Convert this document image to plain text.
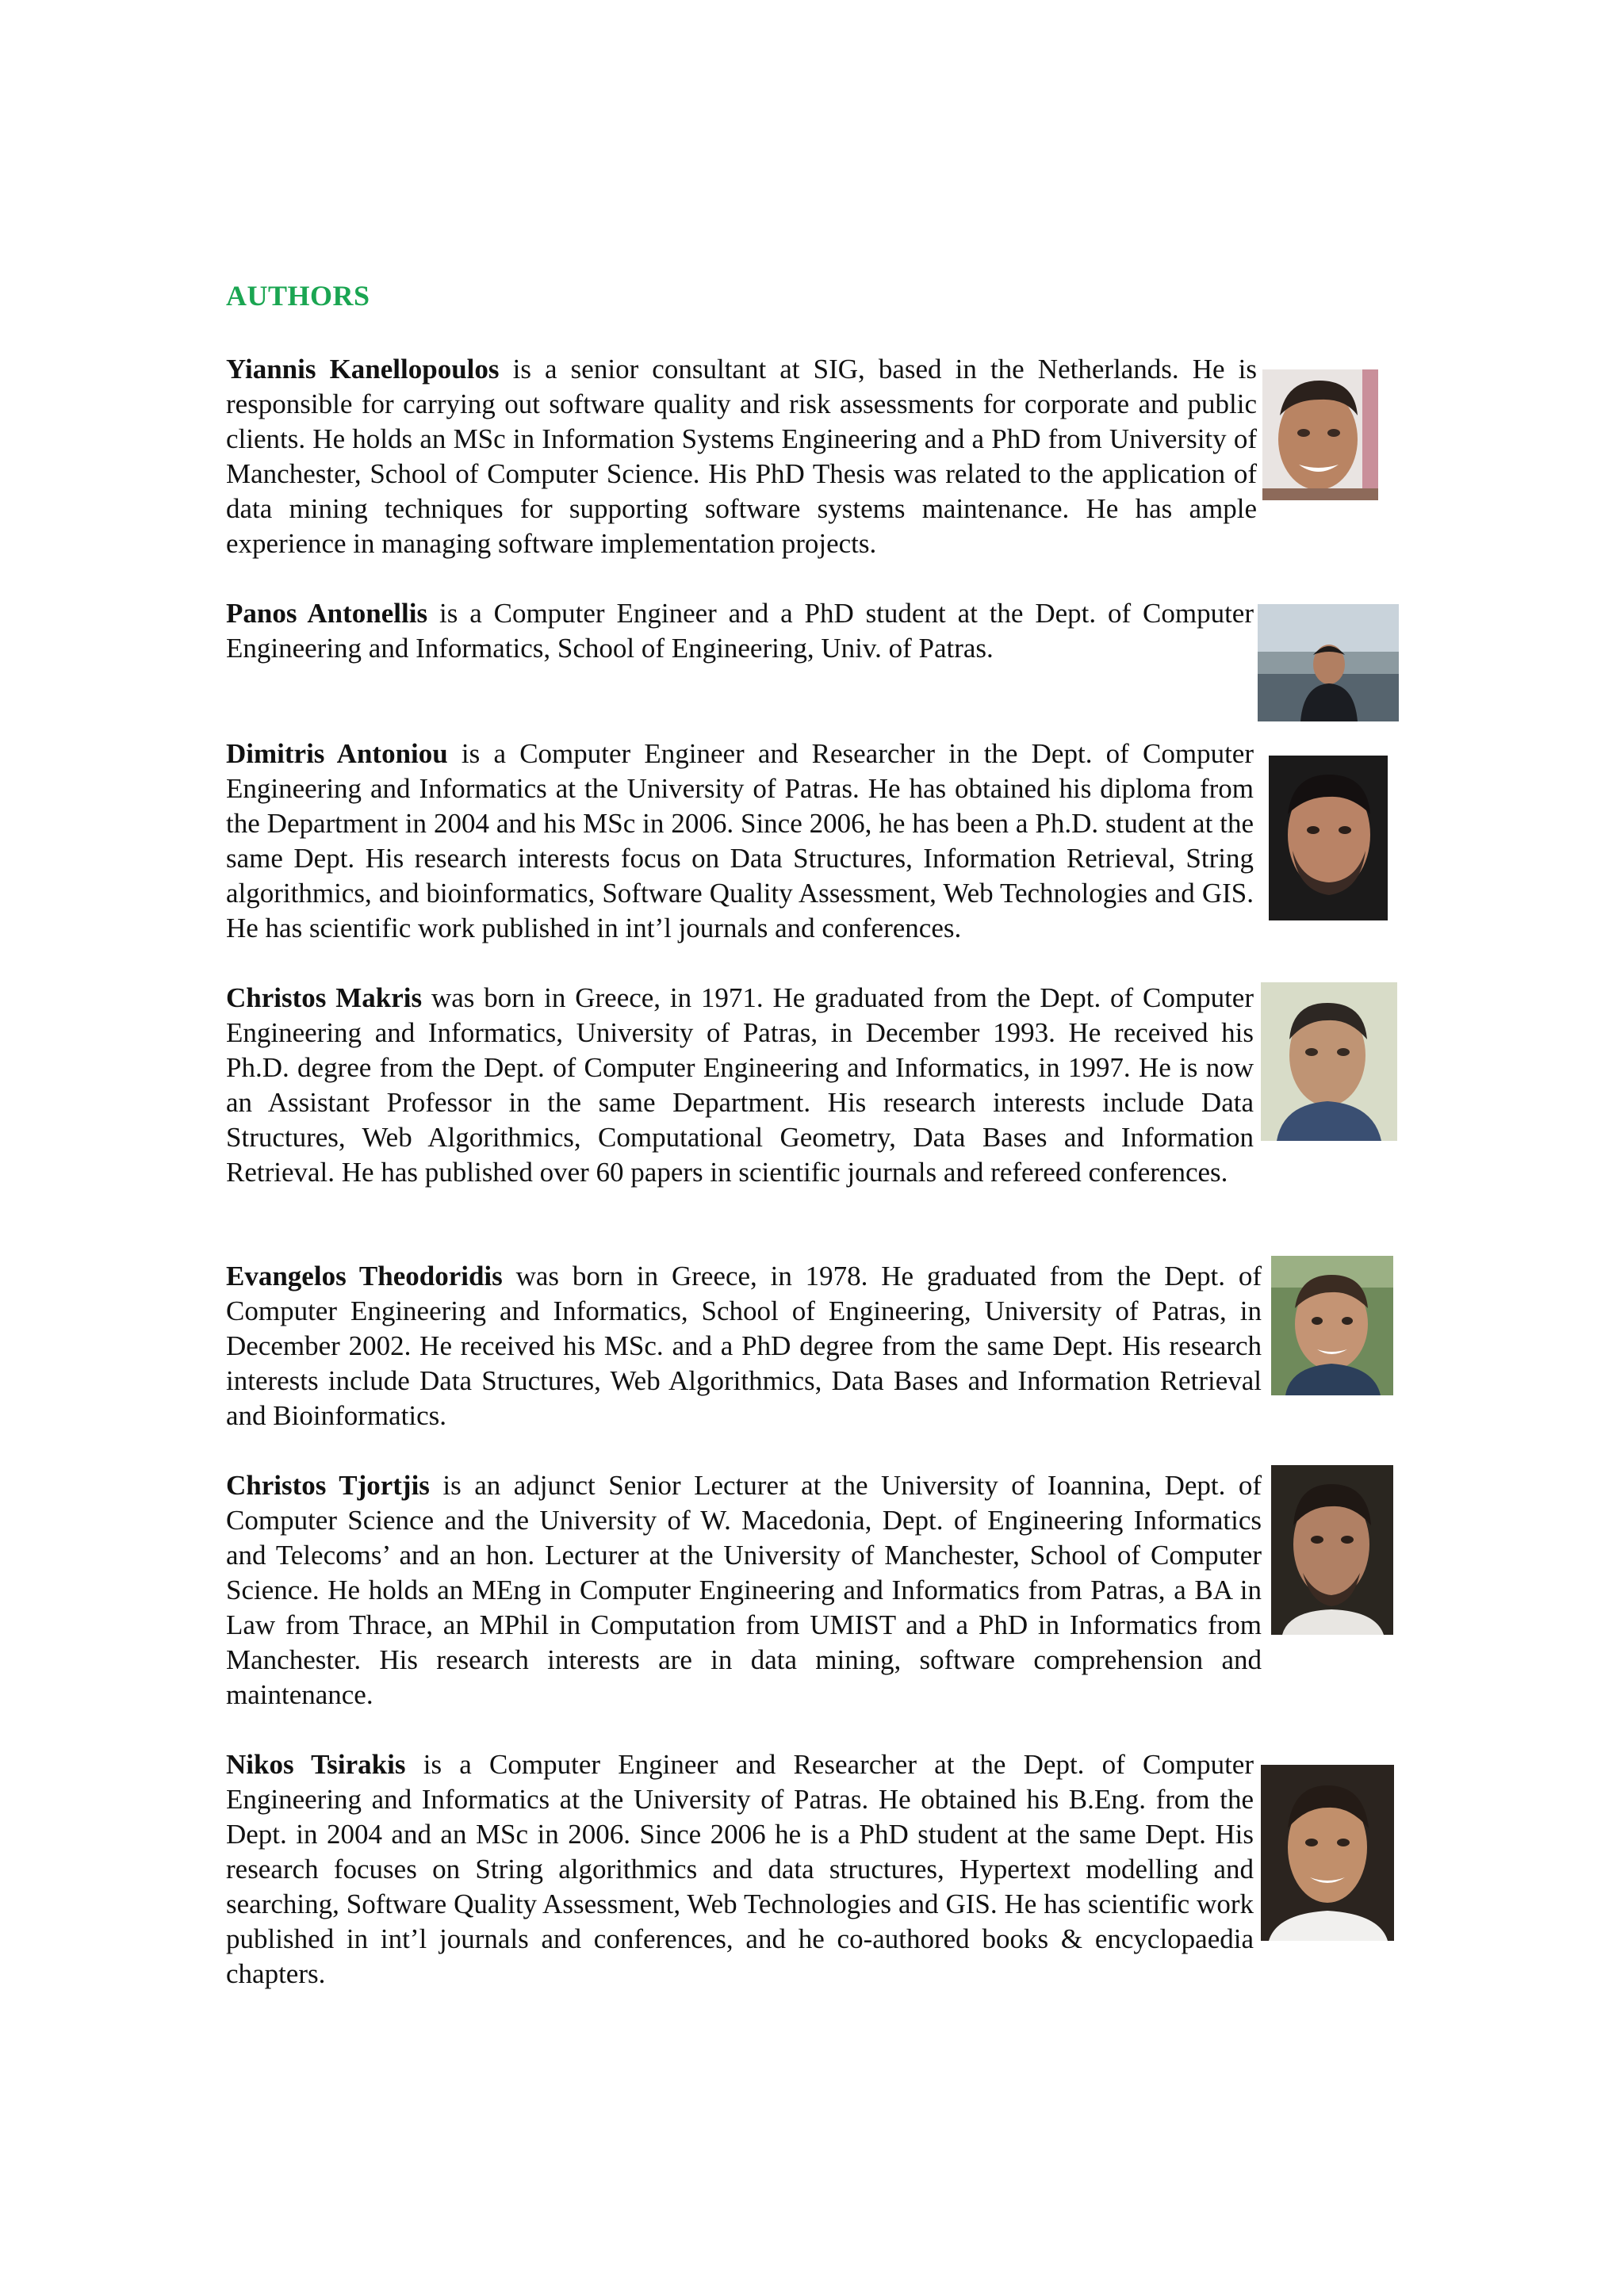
AUTHORS

Yiannis Kanellopoulos is a senior consultant at SIG, based in the Netherlands. He is responsible for carrying out software quality and risk assessments for corporate and public clients. He holds an MSc in Information Systems Engineering and a PhD from University of Manchester, School of Computer Science. His PhD Thesis was related to the application of data mining techniques for supporting software systems maintenance. He has ample experience in managing software implementation projects.

Panos Antonellis is a Computer Engineer and a PhD student at the Dept. of Computer Engineering and Informatics, School of Engineering, Univ. of Patras.

Dimitris Antoniou is a Computer Engineer and Researcher in the Dept. of Computer Engineering and Informatics at the University of Patras. He has obtained his diploma from the Department in 2004 and his MSc in 2006. Since 2006, he has been a Ph.D. student at the same Dept. His research interests focus on Data Structures, Information Retrieval, String algorithmics, and bioinformatics, Software Quality Assessment, Web Technologies and GIS. He has scientific work published in int’l journals and conferences.

Christos Makris was born in Greece, in 1971. He graduated from the Dept. of Computer Engineering and Informatics, University of Patras, in December 1993. He received his Ph.D. degree from the Dept. of Computer Engineering and Informatics, in 1997. He is now an Assistant Professor in the same Department. His research interests include Data Structures, Web Algorithmics, Computational Geometry, Data Bases and Information Retrieval. He has published over 60 papers in scientific journals and refereed conferences.

Evangelos Theodoridis was born in Greece, in 1978. He graduated from the Dept. of Computer Engineering and Informatics, School of Engineering, University of Patras, in December 2002. He received his MSc. and a PhD degree from the same Dept. His research interests include Data Structures, Web Algorithmics, Data Bases and Information Retrieval and Bioinformatics.

Christos Tjortjis is an adjunct Senior Lecturer at the University of Ioannina, Dept. of Computer Science and the University of W. Macedonia, Dept. of Engineering Informatics and Telecoms’ and an hon. Lecturer at the University of Manchester, School of Computer Science. He holds an MEng in Computer Engineering and Informatics from Patras, a BA in Law from Thrace, an MPhil in Computation from UMIST and a PhD in Informatics from Manchester. His research interests are in data mining, software comprehension and maintenance.

Nikos Tsirakis is a Computer Engineer and Researcher at the Dept. of Computer Engineering and Informatics at the University of Patras. He obtained his B.Eng. from the Dept. in 2004 and an MSc in 2006. Since 2006 he is a PhD student at the same Dept. His research focuses on String algorithmics and data structures, Hypertext modelling and searching, Software Quality Assessment, Web Technologies and GIS. He has scientific work published in int’l journals and conferences, and he co-authored books & encyclopaedia chapters.
